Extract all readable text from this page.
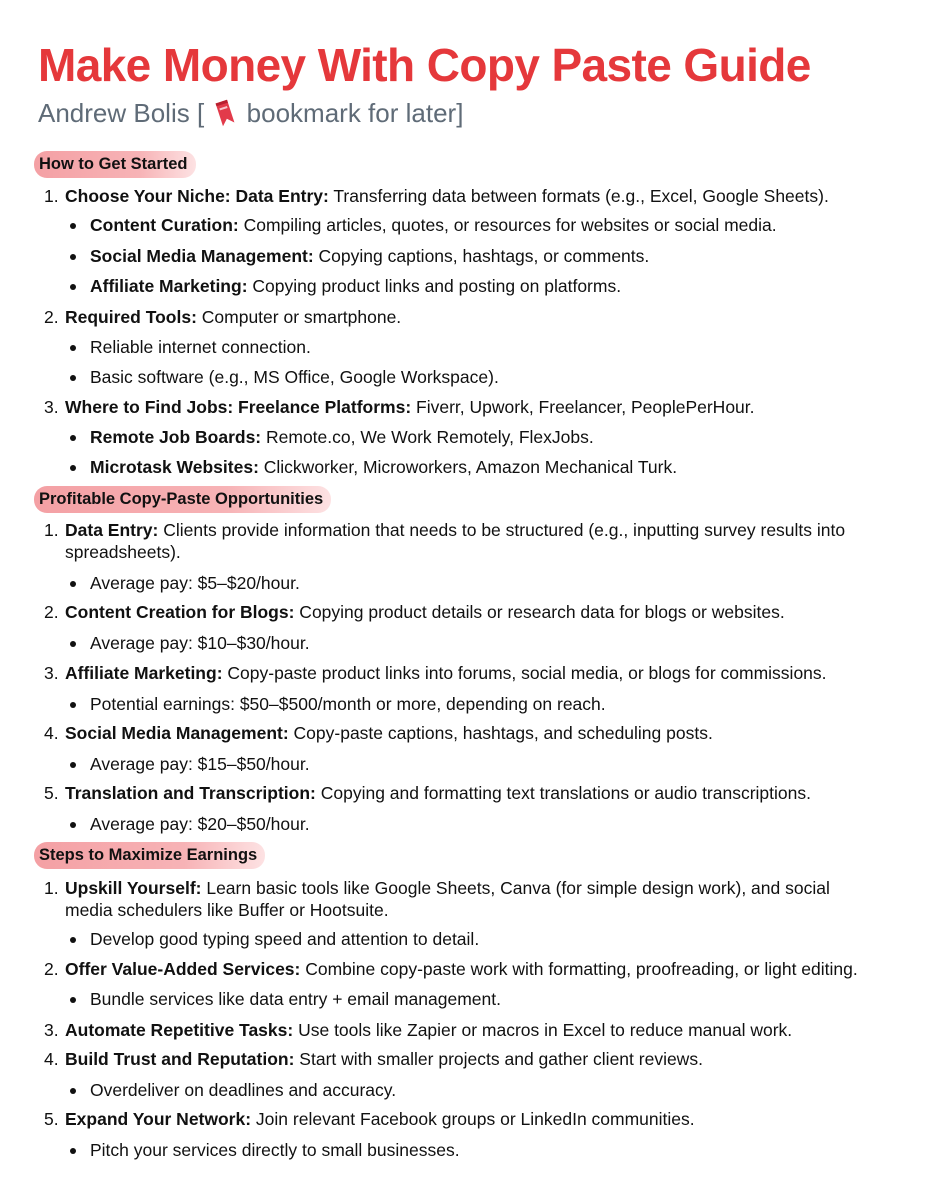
Make Money With Copy Paste Guide

Andrew Bolis [ bookmark for later]

How to Get Started
1. Choose Your Niche: Data Entry: Transferring data between formats (e.g., Excel, Google Sheets).
Content Curation: Compiling articles, quotes, or resources for websites or social media.
Social Media Management: Copying captions, hashtags, or comments.
Affiliate Marketing: Copying product links and posting on platforms.
2. Required Tools: Computer or smartphone.
Reliable internet connection.
Basic software (e.g., MS Office, Google Workspace).
3. Where to Find Jobs: Freelance Platforms: Fiverr, Upwork, Freelancer, PeoplePerHour.
Remote Job Boards: Remote.co, We Work Remotely, FlexJobs.
Microtask Websites: Clickworker, Microworkers, Amazon Mechanical Turk.
Profitable Copy-Paste Opportunities
1. Data Entry: Clients provide information that needs to be structured (e.g., inputting survey results into
spreadsheets).
Average pay: $5–$20/hour.
2. Content Creation for Blogs: Copying product details or research data for blogs or websites.
Average pay: $10–$30/hour.
3. Affiliate Marketing: Copy-paste product links into forums, social media, or blogs for commissions.
Potential earnings: $50–$500/month or more, depending on reach.
4. Social Media Management: Copy-paste captions, hashtags, and scheduling posts.
Average pay: $15–$50/hour.
5. Translation and Transcription: Copying and formatting text translations or audio transcriptions.
Average pay: $20–$50/hour.
Steps to Maximize Earnings
1. Upskill Yourself: Learn basic tools like Google Sheets, Canva (for simple design work), and social
media schedulers like Buffer or Hootsuite.
Develop good typing speed and attention to detail.
2. Offer Value-Added Services: Combine copy-paste work with formatting, proofreading, or light editing.
Bundle services like data entry + email management.
3. Automate Repetitive Tasks: Use tools like Zapier or macros in Excel to reduce manual work.
4. Build Trust and Reputation: Start with smaller projects and gather client reviews.
Overdeliver on deadlines and accuracy.
5. Expand Your Network: Join relevant Facebook groups or LinkedIn communities.
Pitch your services directly to small businesses.
